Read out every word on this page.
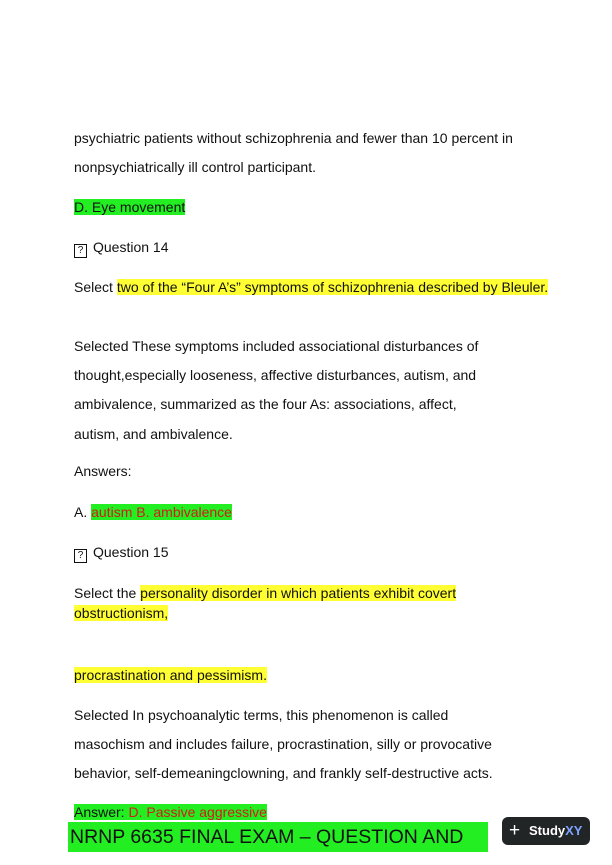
psychiatric patients without schizophrenia and fewer than 10 percent in

nonpsychiatrically ill control participant.

D. Eye movement

? Question 14

Select two of the “Four A’s” symptoms of schizophrenia described by Bleuler.

Selected These symptoms included associational disturbances of

thought,especially looseness, affective disturbances, autism, and

ambivalence, summarized as the four As: associations, affect,

autism, and ambivalence.

Answers:

A. autism B. ambivalence

? Question 15

Select the personality disorder in which patients exhibit covert obstructionism,

procrastination and pessimism.

Selected In psychoanalytic terms, this phenomenon is called

masochism and includes failure, procrastination, silly or provocative

behavior, self-demeaningclowning, and frankly self-destructive acts.

Answer: D. Passive aggressive

NRNP 6635 FINAL EXAM – QUESTION AND	+ StudyXY
